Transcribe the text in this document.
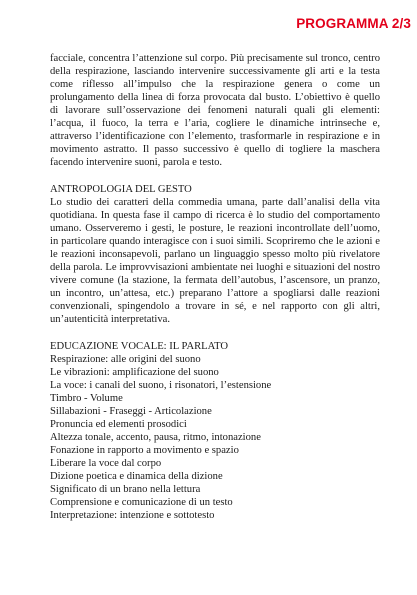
PROGRAMMA 2/3

facciale, concentra l’attenzione sul corpo. Più precisamente sul tronco, centro della respirazione, lasciando intervenire successivamente gli arti e la testa come riflesso all’impulso che la respirazione genera o come un prolungamento della linea di forza provocata dal busto. L’obiettivo è quello di lavorare sull’osservazione dei fenomeni naturali quali gli elementi: l’acqua, il fuoco, la terra e l’aria, cogliere le dinamiche intrinseche e, attraverso l’identificazione con l’elemento, trasformarle in respirazione e in movimento astratto. Il passo successivo è quello di togliere la maschera facendo intervenire suoni, parola e testo.

ANTROPOLOGIA DEL GESTO

Lo studio dei caratteri della commedia umana, parte dall’analisi della vita quotidiana. In questa fase il campo di ricerca è lo studio del comportamento umano. Osserveremo i gesti, le posture, le reazioni incontrollate dell’uomo, in particolare quando interagisce con i suoi simili. Scopriremo che le azioni e le reazioni inconsapevoli, parlano un linguaggio spesso molto più rivelatore della parola. Le improvvisazioni ambientate nei luoghi e situazioni del nostro vivere comune (la stazione, la fermata dell’autobus, l’ascensore, un pranzo, un incontro, un’attesa, etc.) preparano l’attore a spogliarsi dalle reazioni convenzionali, spingendolo a trovare in sé, e nel rapporto con gli altri, un’autenticità interpretativa.

EDUCAZIONE VOCALE: IL PARLATO
Respirazione: alle origini del suono
Le vibrazioni: amplificazione del suono
La voce: i canali del suono, i risonatori, l’estensione
Timbro - Volume
Sillabazioni - Fraseggi - Articolazione
Pronuncia ed elementi prosodici
Altezza tonale, accento, pausa, ritmo, intonazione
Fonazione in rapporto a movimento e spazio
Liberare la voce dal corpo
Dizione poetica e dinamica della dizione
Significato di un brano nella lettura
Comprensione e comunicazione di un testo
Interpretazione: intenzione e sottotesto
